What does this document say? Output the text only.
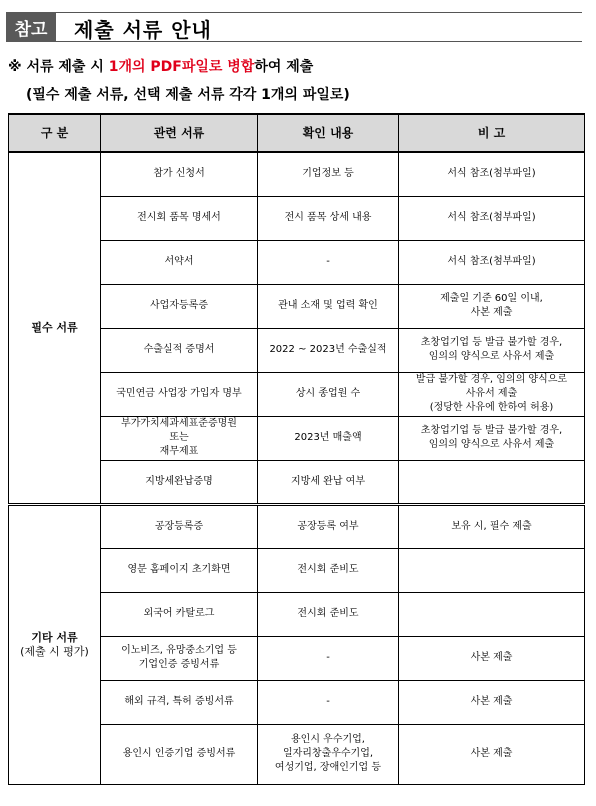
참고	제출 서류 안내
※ 서류 제출 시 1개의 PDF파일로 병합하여 제출
(필수 제출 서류, 선택 제출 서류 각각 1개의 파일로)
구 분	관련 서류	확인 내용	비 고
필수 서류	참가 신청서	기업정보 등	서식 참조(첨부파일)
	전시회 품목 명세서	전시 품목 상세 내용	서식 참조(첨부파일)
	서약서	-	서식 참조(첨부파일)
	사업자등록증	관내 소재 및 업력 확인	제출일 기준 60일 이내,
사본 제출
	수출실적 증명서	2022 ~ 2023년 수출실적	초창업기업 등 발급 불가할 경우,
임의의 양식으로 사유서 제출
	국민연금 사업장 가입자 명부	상시 종업원 수	발급 불가할 경우, 임의의 양식으로
사유서 제출
(정당한 사유에 한하여 허용)
	부가가치세과세표준증명원
또는
재무제표	2023년 매출액	초창업기업 등 발급 불가할 경우,
임의의 양식으로 사유서 제출
	지방세완납증명	지방세 완납 여부	
기타 서류
(제출 시 평가)	공장등록증	공장등록 여부	보유 시, 필수 제출
	영문 홈페이지 초기화면	전시회 준비도	
	외국어 카탈로그	전시회 준비도	
	이노비즈, 유망중소기업 등
기업인증 증빙서류	-	사본 제출
	해외 규격, 특허 증빙서류	-	사본 제출
	용인시 인증기업 증빙서류	용인시 우수기업,
일자리창출우수기업,
여성기업, 장애인기업 등	사본 제출
